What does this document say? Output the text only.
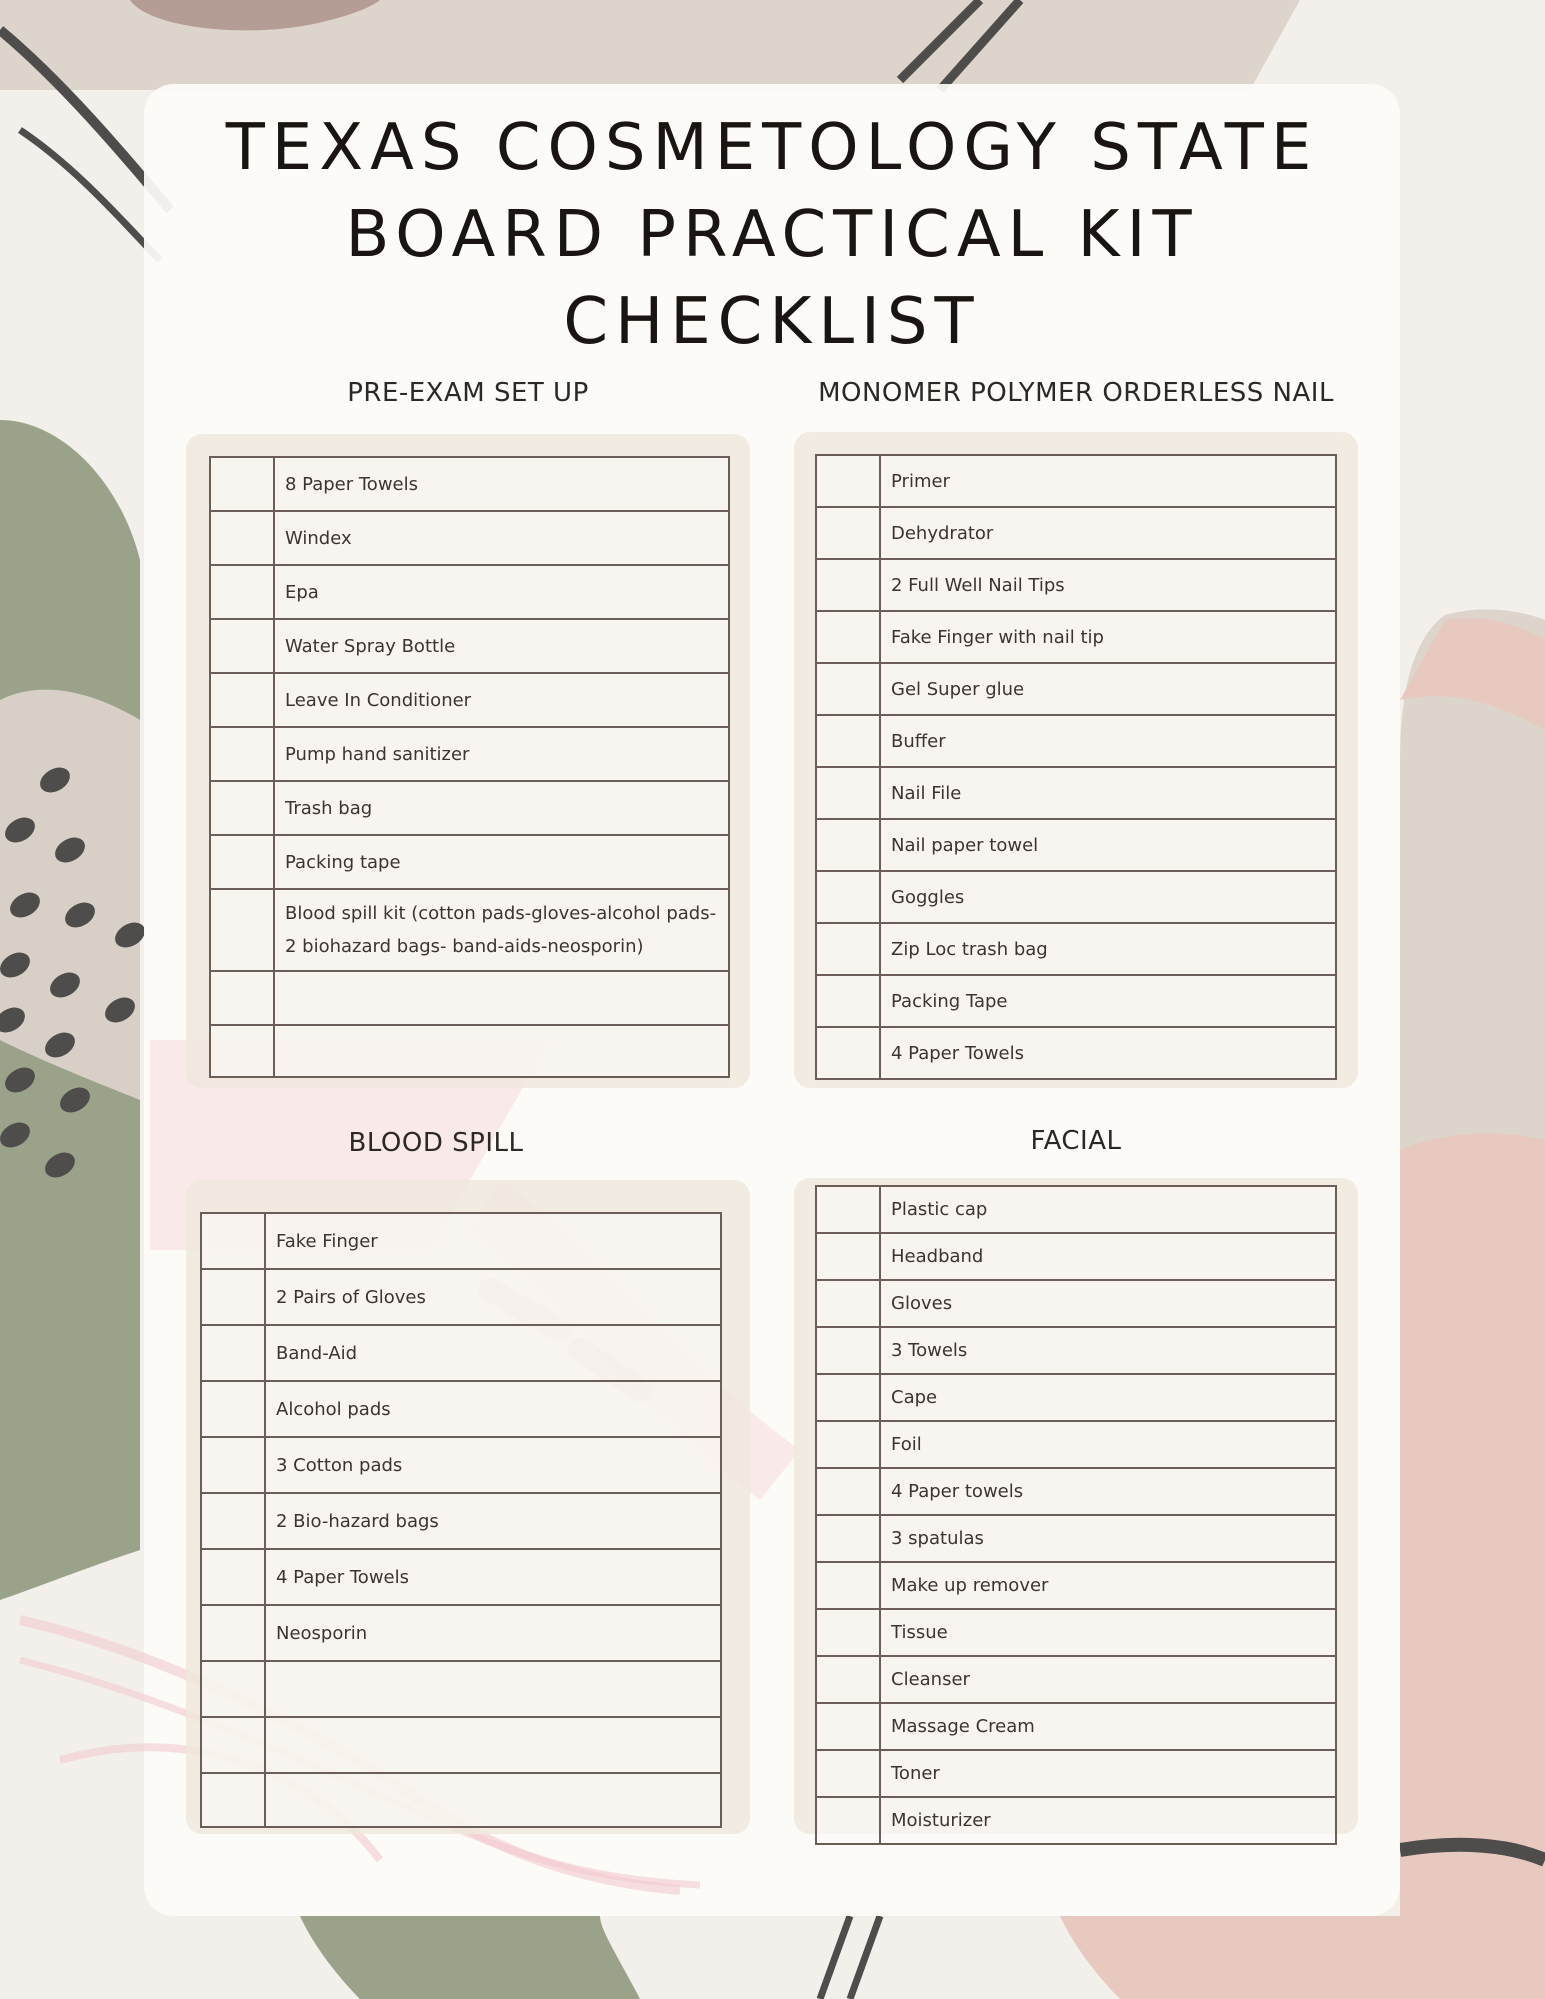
TEXAS COSMETOLOGY STATE
BOARD PRACTICAL KIT
CHECKLIST
PRE-EXAM SET UP
	8 Paper Towels
	Windex
	Epa
	Water Spray Bottle
	Leave In Conditioner
	Pump hand sanitizer
	Trash bag
	Packing tape
	Blood spill kit (cotton pads-gloves-alcohol pads- 2 biohazard bags- band-aids-neosporin)

MONOMER POLYMER ORDERLESS NAIL
	Primer
	Dehydrator
	2 Full Well Nail Tips
	Fake Finger with nail tip
	Gel Super glue
	Buffer
	Nail File
	Nail paper towel
	Goggles
	Zip Loc trash bag
	Packing Tape
	4 Paper Towels
BLOOD SPILL
	Fake Finger
	2 Pairs of Gloves
	Band-Aid
	Alcohol pads
	3 Cotton pads
	2 Bio-hazard bags
	4 Paper Towels
	Neosporin

FACIAL
	Plastic cap
	Headband
	Gloves
	3 Towels
	Cape
	Foil
	4 Paper towels
	3 spatulas
	Make up remover
	Tissue
	Cleanser
	Massage Cream
	Toner
	Moisturizer
